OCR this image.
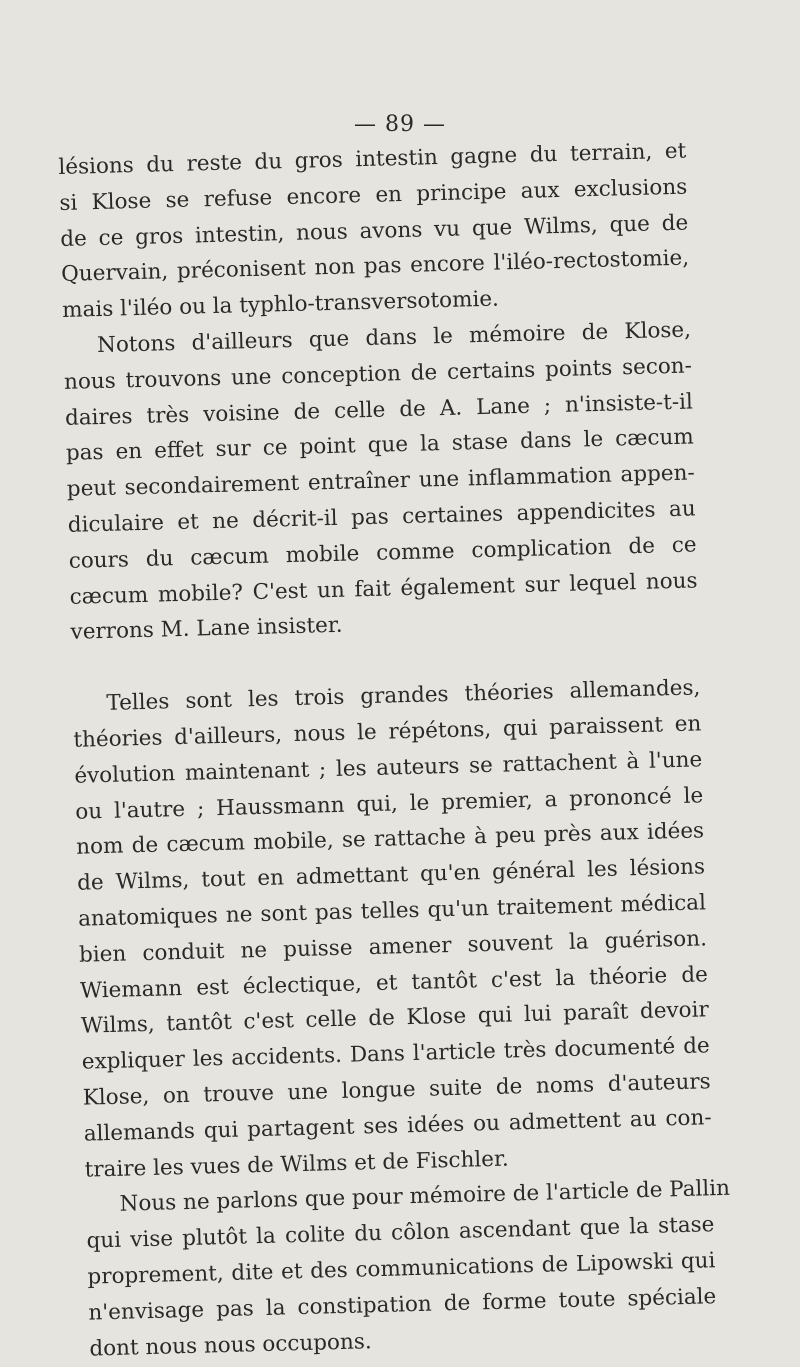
— 89 —
lésions du reste du gros intestin gagne du terrain, et
si Klose se refuse encore en principe aux exclusions
de ce gros intestin, nous avons vu que Wilms, que de
Quervain, préconisent non pas encore l'iléo-rectostomie,
mais l'iléo ou la typhlo-transversotomie.
Notons d'ailleurs que dans le mémoire de Klose,
nous trouvons une conception de certains points secon-
daires très voisine de celle de A. Lane ; n'insiste-t-il
pas en effet sur ce point que la stase dans le cæcum
peut secondairement entraîner une inflammation appen-
diculaire et ne décrit-il pas certaines appendicites au
cours du cæcum mobile comme complication de ce
cæcum mobile? C'est un fait également sur lequel nous
verrons M. Lane insister.
Telles sont les trois grandes théories allemandes,
théories d'ailleurs, nous le répétons, qui paraissent en
évolution maintenant ; les auteurs se rattachent à l'une
ou l'autre ; Haussmann qui, le premier, a prononcé le
nom de cæcum mobile, se rattache à peu près aux idées
de Wilms, tout en admettant qu'en général les lésions
anatomiques ne sont pas telles qu'un traitement médical
bien conduit ne puisse amener souvent la guérison.
Wiemann est éclectique, et tantôt c'est la théorie de
Wilms, tantôt c'est celle de Klose qui lui paraît devoir
expliquer les accidents. Dans l'article très documenté de
Klose, on trouve une longue suite de noms d'auteurs
allemands qui partagent ses idées ou admettent au con-
traire les vues de Wilms et de Fischler.
Nous ne parlons que pour mémoire de l'article de Pallin
qui vise plutôt la colite du côlon ascendant que la stase
proprement, dite et des communications de Lipowski qui
n'envisage pas la constipation de forme toute spéciale
dont nous nous occupons.
